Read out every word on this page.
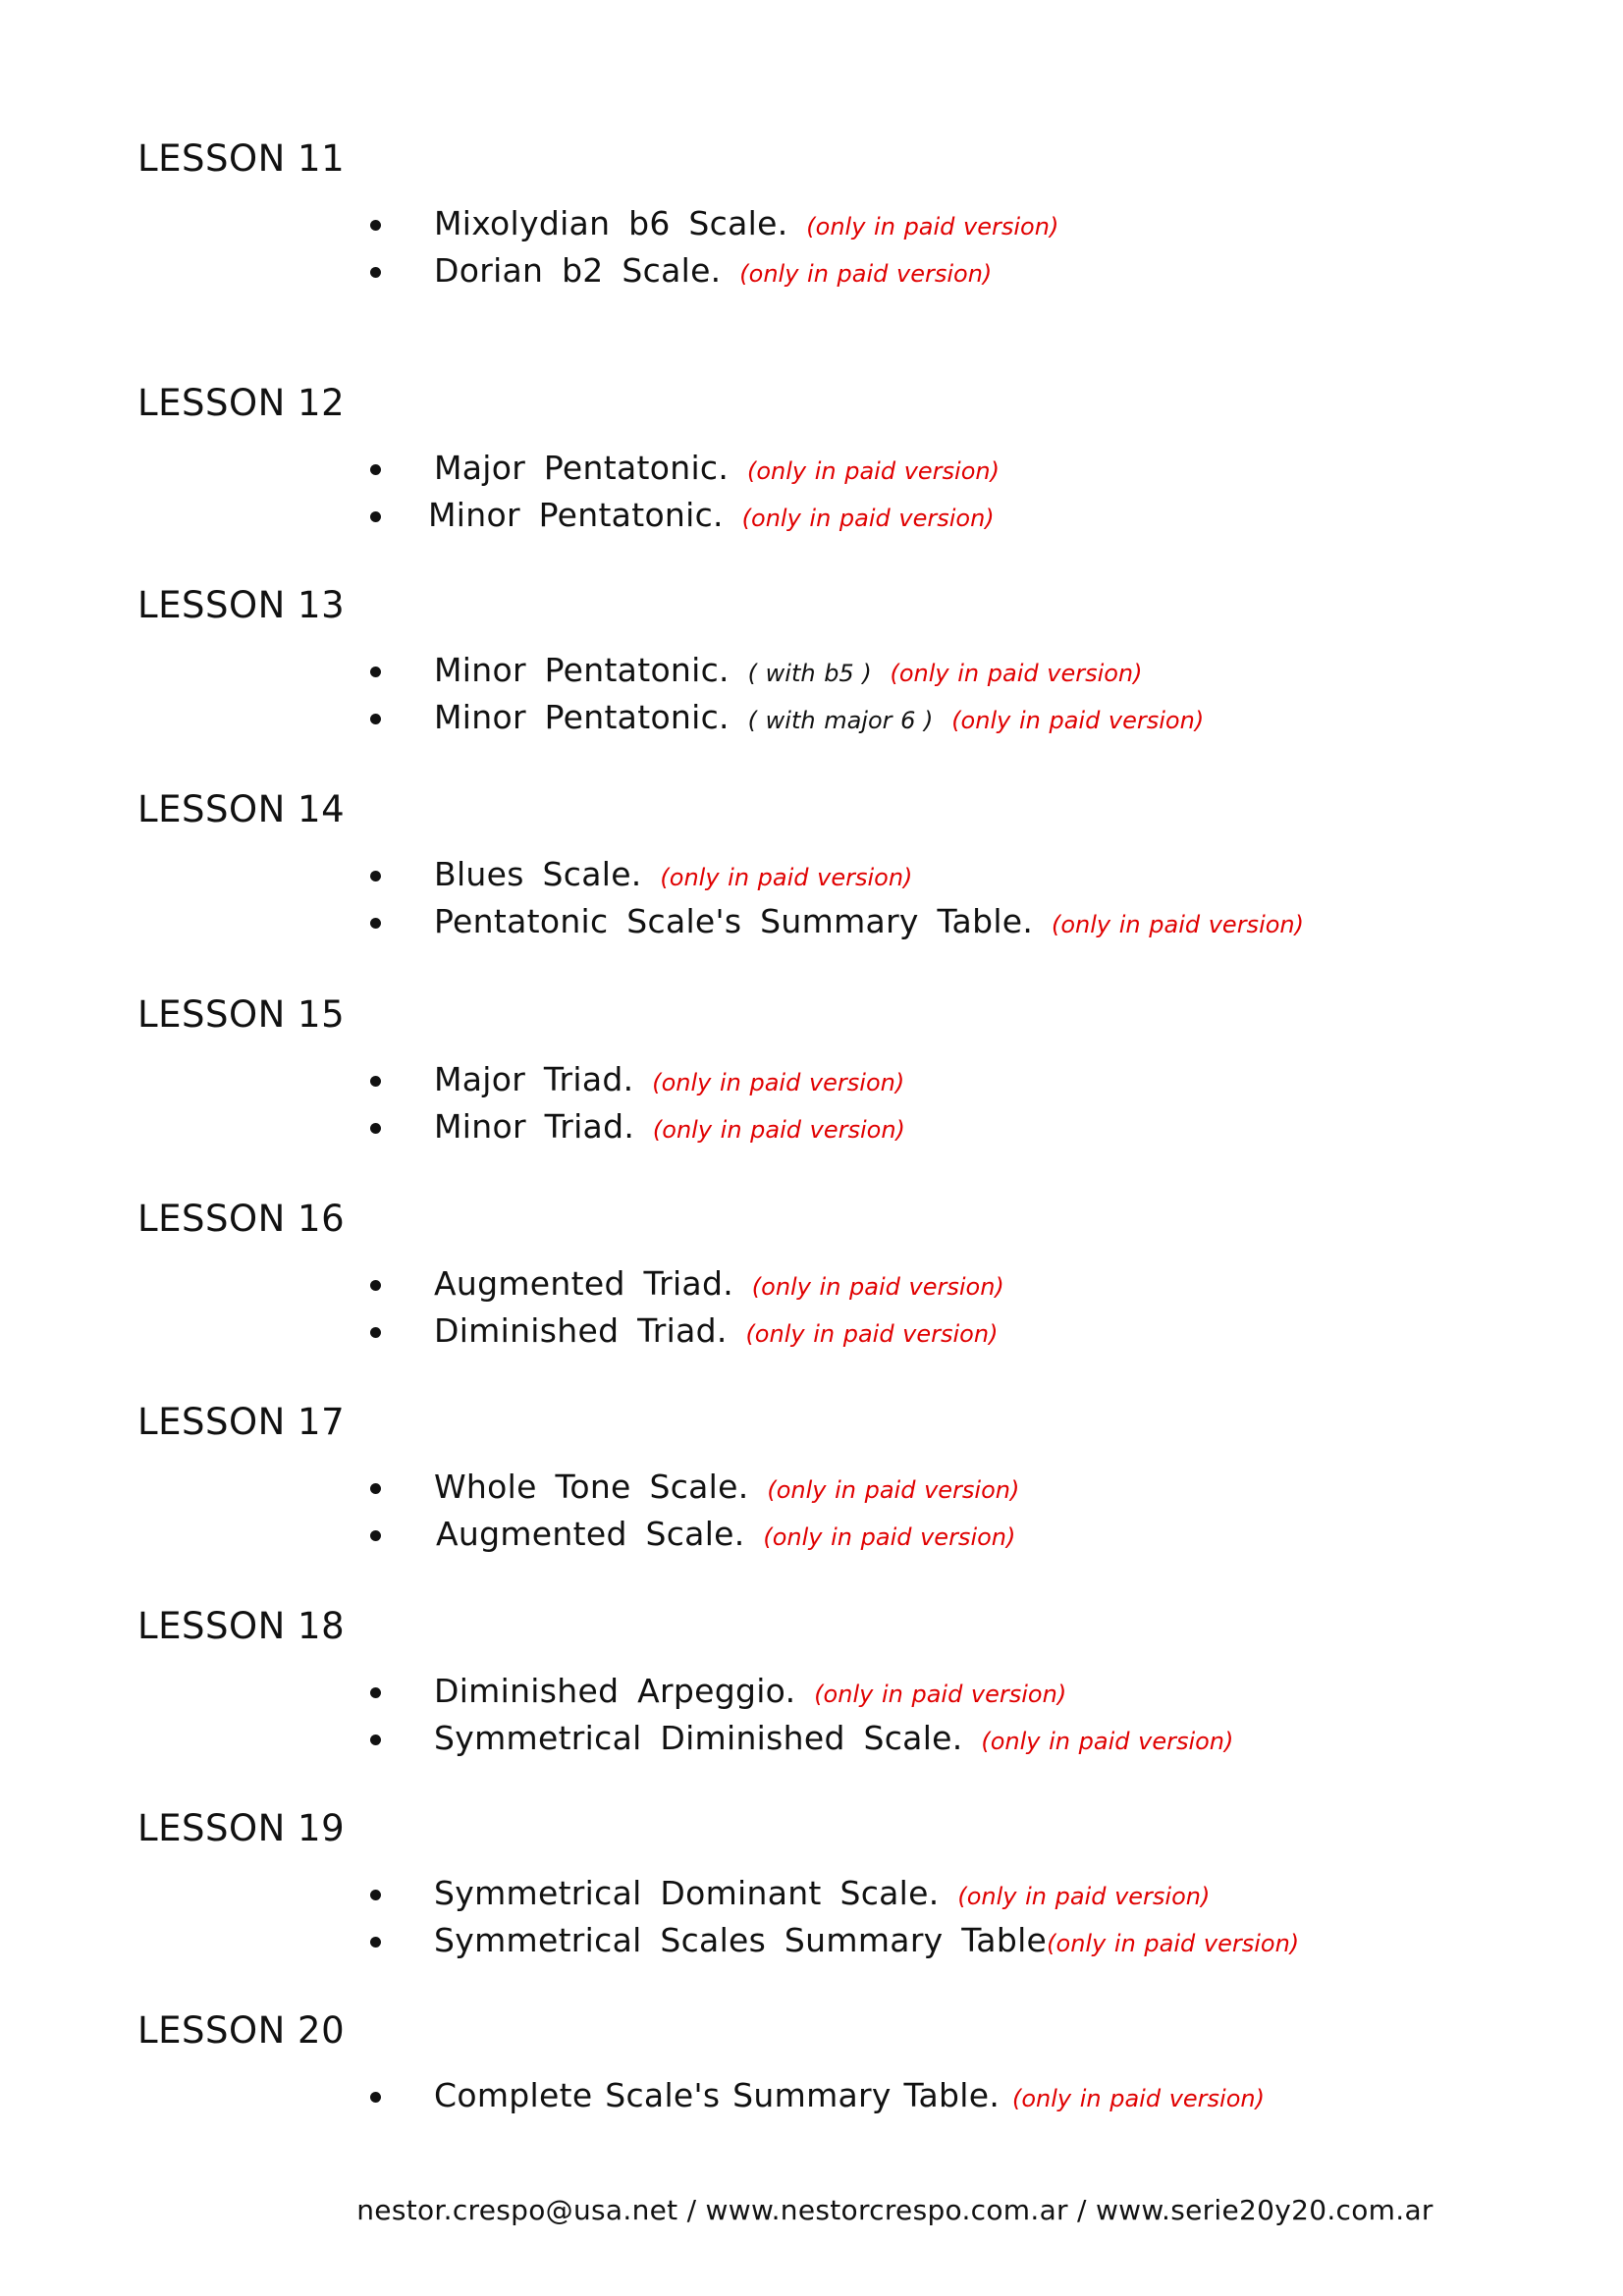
LESSON 11
Mixolydian b6 Scale. (only in paid version)
Dorian b2 Scale. (only in paid version)
LESSON 12
Major Pentatonic. (only in paid version)
Minor Pentatonic. (only in paid version)
LESSON 13
Minor Pentatonic. ( with b5 ) (only in paid version)
Minor Pentatonic. ( with major 6 ) (only in paid version)
LESSON 14
Blues Scale. (only in paid version)
Pentatonic Scale's Summary Table. (only in paid version)
LESSON 15
Major Triad. (only in paid version)
Minor Triad. (only in paid version)
LESSON 16
Augmented Triad. (only in paid version)
Diminished Triad. (only in paid version)
LESSON 17
Whole Tone Scale. (only in paid version)
Augmented Scale. (only in paid version)
LESSON 18
Diminished Arpeggio. (only in paid version)
Symmetrical Diminished Scale. (only in paid version)
LESSON 19
Symmetrical Dominant Scale. (only in paid version)
Symmetrical Scales Summary Table(only in paid version)
LESSON 20
Complete Scale's Summary Table. (only in paid version)
nestor.crespo@usa.net / www.nestorcrespo.com.ar / www.serie20y20.com.ar
